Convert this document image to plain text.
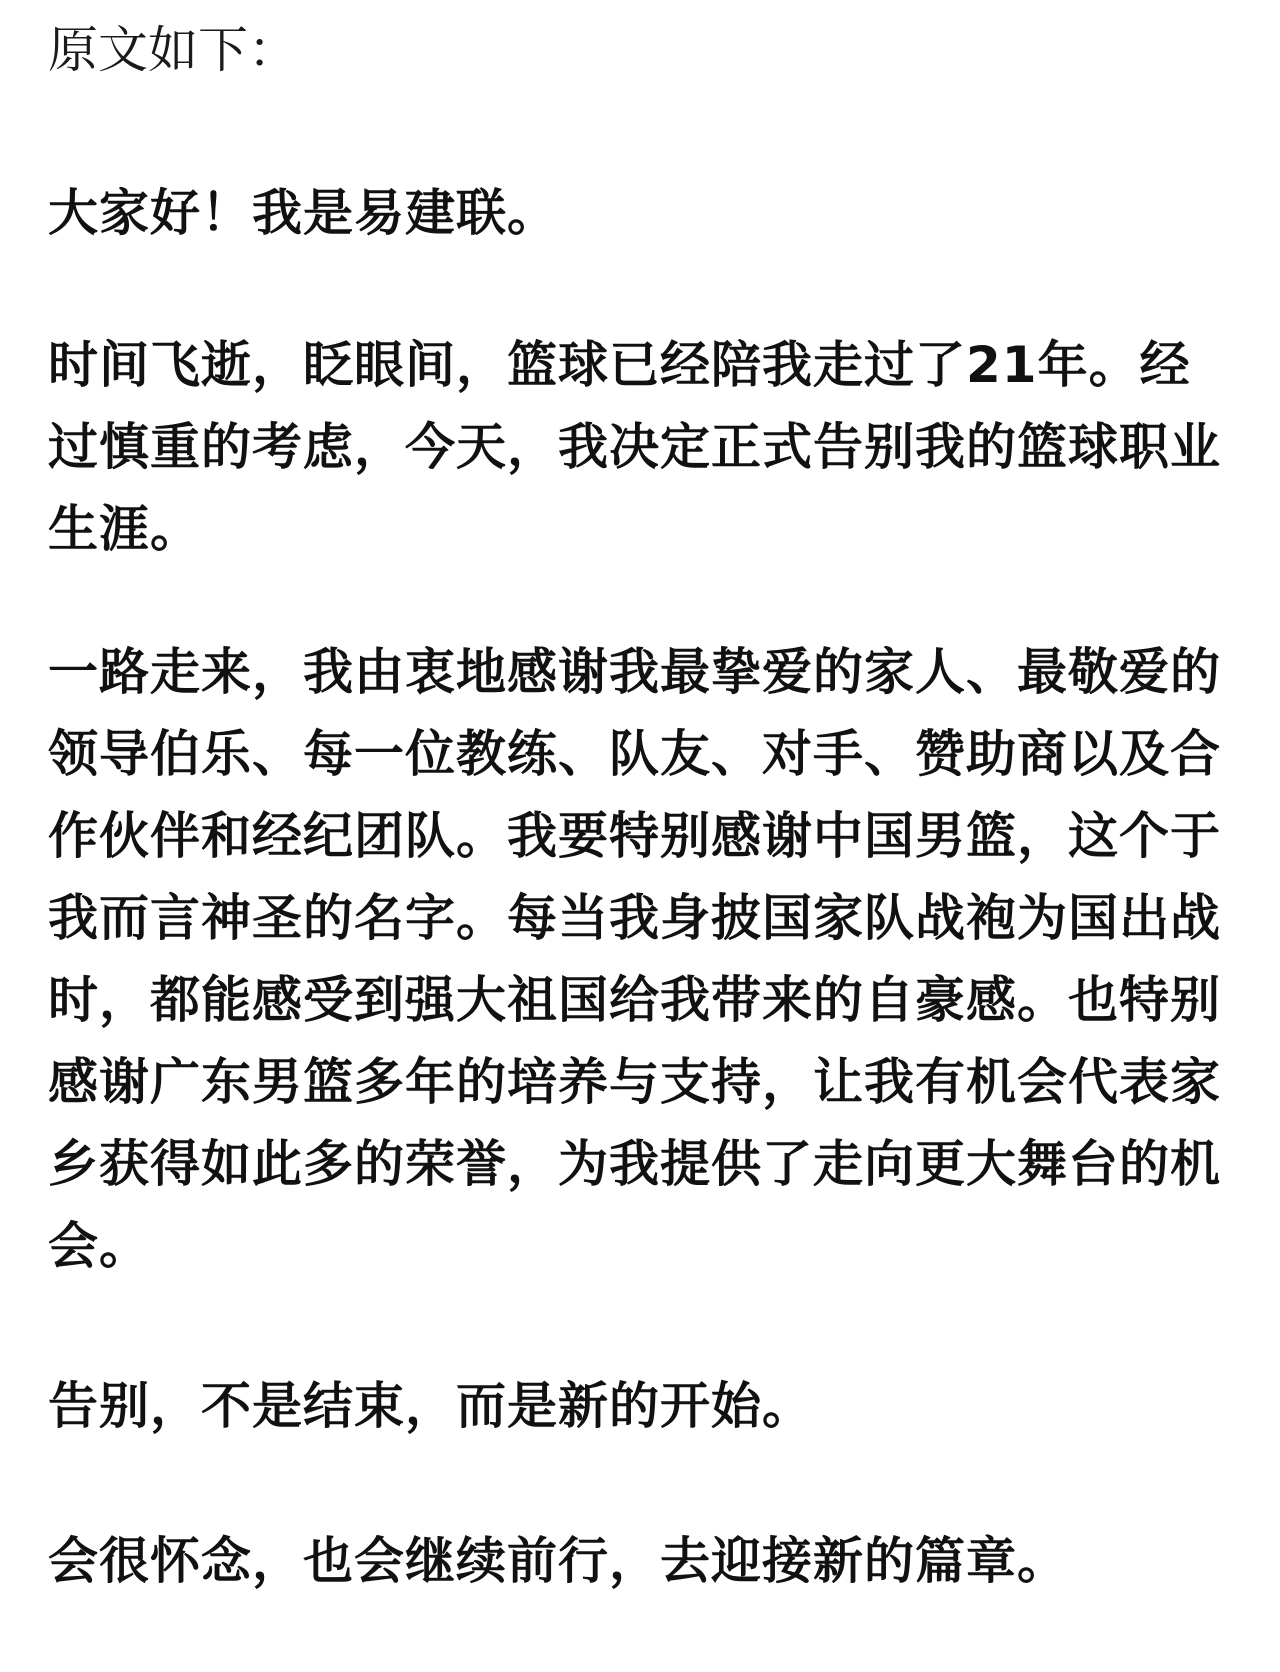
原文如下：

大家好！我是易建联。

时间飞逝，眨眼间，篮球已经陪我走过了21年。经过慎重的考虑，今天，我决定正式告别我的篮球职业生涯。

一路走来，我由衷地感谢我最挚爱的家人、最敬爱的领导伯乐、每一位教练、队友、对手、赞助商以及合作伙伴和经纪团队。我要特别感谢中国男篮，这个于我而言神圣的名字。每当我身披国家队战袍为国出战时，都能感受到强大祖国给我带来的自豪感。也特别感谢广东男篮多年的培养与支持，让我有机会代表家乡获得如此多的荣誉，为我提供了走向更大舞台的机会。

告别，不是结束，而是新的开始。

会很怀念，也会继续前行，去迎接新的篇章。
